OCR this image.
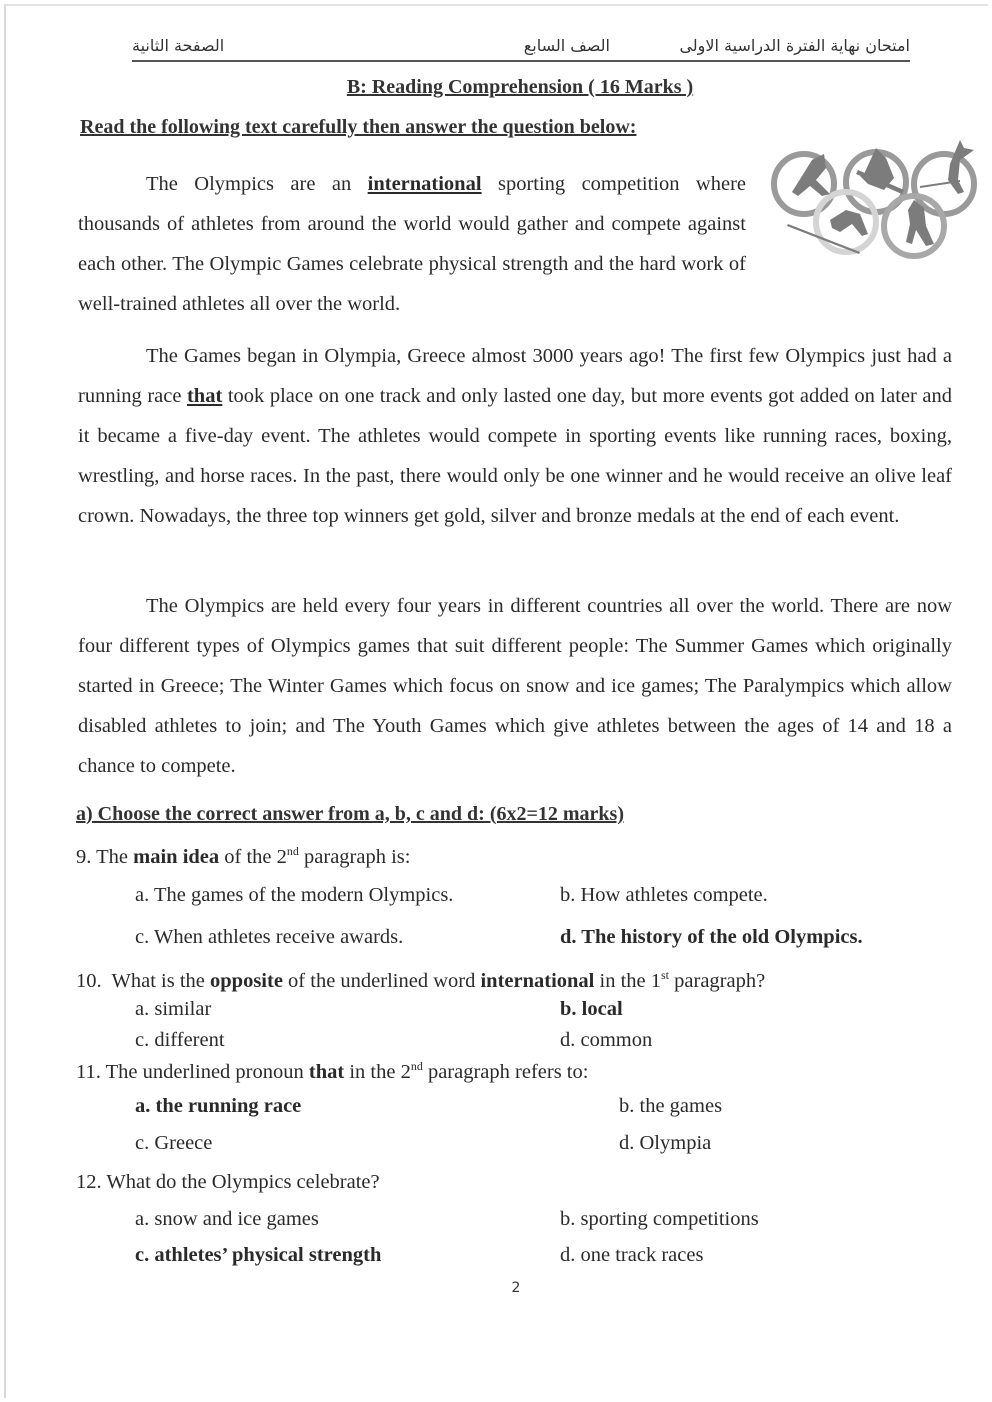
امتحان نهاية الفترة الدراسية الاولى
الصف السابع
الصفحة الثانية
B: Reading Comprehension ( 16 Marks )
Read the following text carefully then answer the question below:

The Olympics are an international sporting competition where thousands of athletes from around the world would gather and compete against each other. The Olympic Games celebrate physical strength and the hard work of well-trained athletes all over the world.

The Games began in Olympia, Greece almost 3000 years ago! The first few Olympics just had a running race that took place on one track and only lasted one day, but more events got added on later and it became a five-day event. The athletes would compete in sporting events like running races, boxing, wrestling, and horse races. In the past, there would only be one winner and he would receive an olive leaf crown. Nowadays, the three top winners get gold, silver and bronze medals at the end of each event.

The Olympics are held every four years in different countries all over the world. There are now four different types of Olympics games that suit different people: The Summer Games which originally started in Greece; The Winter Games which focus on snow and ice games; The Paralympics which allow disabled athletes to join; and The Youth Games which give athletes between the ages of 14 and 18 a chance to compete.

a) Choose the correct answer from a, b, c and d: (6x2=12 marks)
9. The main idea of the 2nd paragraph is:
a. The games of the modern Olympics.	b. How athletes compete.
c. When athletes receive awards.	d. The history of the old Olympics.
10. What is the opposite of the underlined word international in the 1st paragraph?
a. similar	b. local
c. different	d. common
11. The underlined pronoun that in the 2nd paragraph refers to:
a. the running race	b. the games
c. Greece	d. Olympia
12. What do the Olympics celebrate?
a. snow and ice games	b. sporting competitions
c. athletes’ physical strength	d. one track races
2
